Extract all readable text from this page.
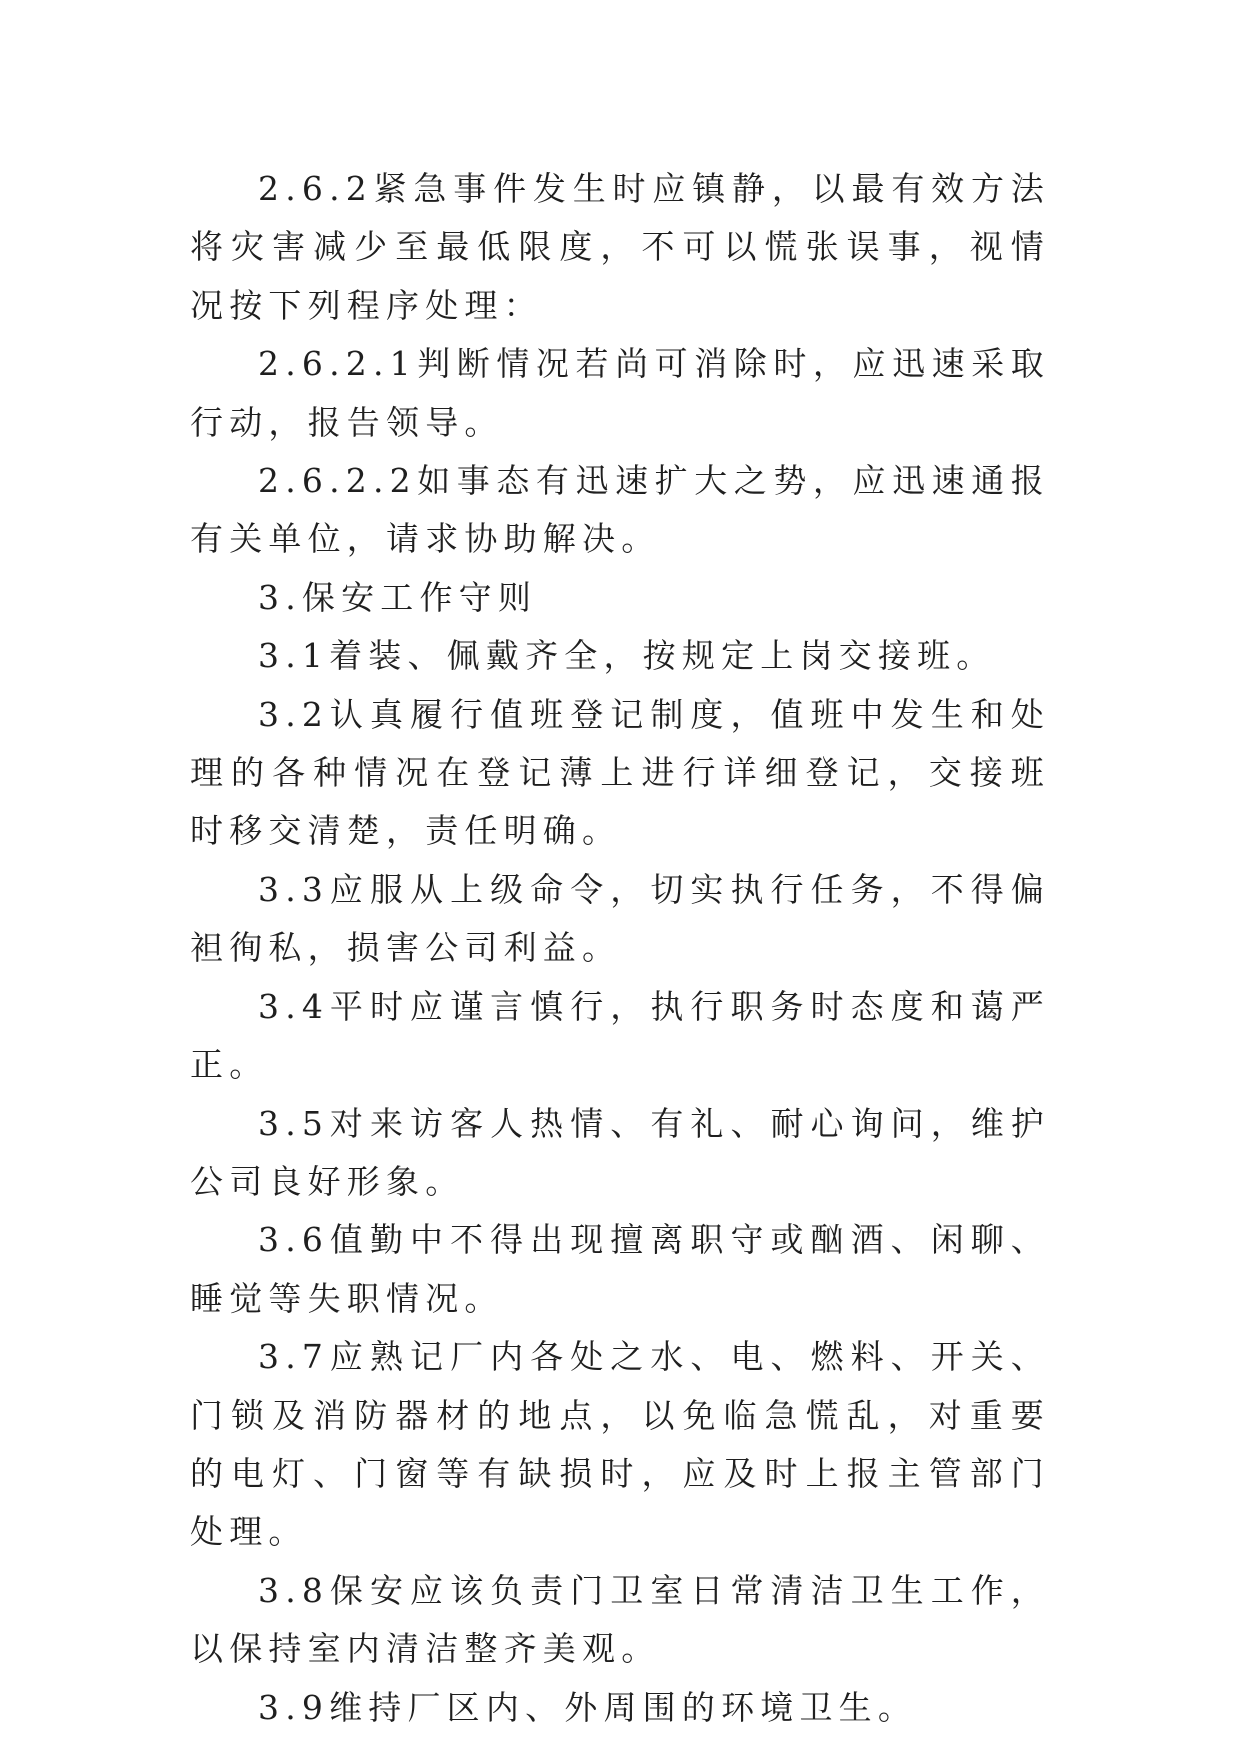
2.6.2紧急事件发生时应镇静，以最有效方法将灾害减少至最低限度，不可以慌张误事，视情况按下列程序处理：

2.6.2.1判断情况若尚可消除时，应迅速采取行动，报告领导。

2.6.2.2如事态有迅速扩大之势，应迅速通报有关单位，请求协助解决。

3.保安工作守则

3.1着装、佩戴齐全，按规定上岗交接班。

3.2认真履行值班登记制度，值班中发生和处理的各种情况在登记薄上进行详细登记，交接班时移交清楚，责任明确。

3.3应服从上级命令，切实执行任务，不得偏袒徇私，损害公司利益。

3.4平时应谨言慎行，执行职务时态度和蔼严正。

3.5对来访客人热情、有礼、耐心询问，维护公司良好形象。

3.6值勤中不得出现擅离职守或酗酒、闲聊、睡觉等失职情况。

3.7应熟记厂内各处之水、电、燃料、开关、门锁及消防器材的地点，以免临急慌乱，对重要的电灯、门窗等有缺损时，应及时上报主管部门处理。

3.8保安应该负责门卫室日常清洁卫生工作，以保持室内清洁整齐美观。

3.9维持厂区内、外周围的环境卫生。
